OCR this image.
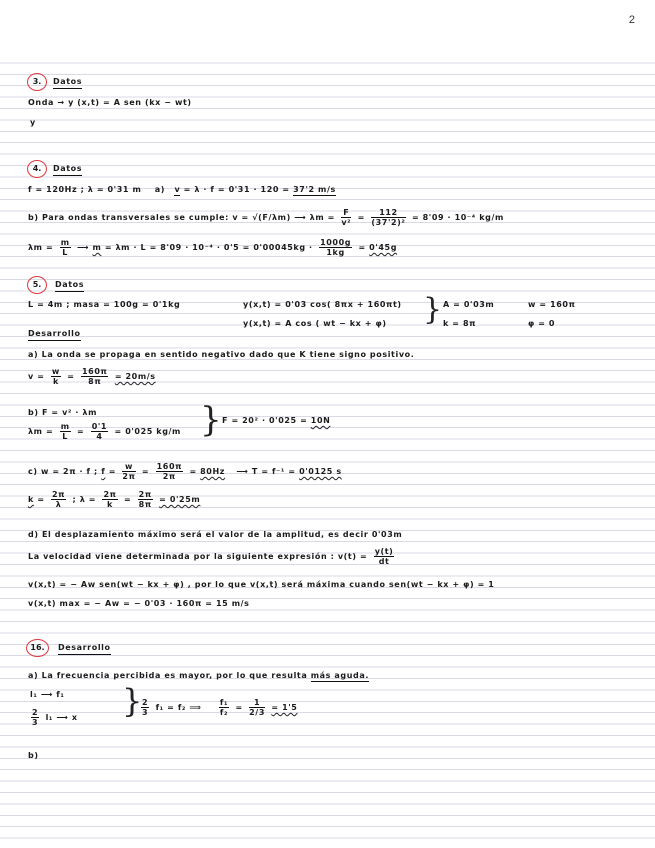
2
3.	Datos
Onda → y (x,t) = A sen (kx − wt)
y
4.	Datos
f = 120Hz ; λ = 0'31 m a) v = λ · f = 0'31 · 120 = 37'2 m/s
b) Para ondas transversales se cumple: v = √(F/λm) ⟶ $\lambda m = \frac{F}{\text{v²}} = \frac{112}{\text{(37'2)²}} = 8'09 \cdot 10^{-4}$ kg/m
$\lambda m = \frac{m}{L}$ ⟶ $m = \lambda m \cdot L = 8'09 \cdot 10^{-4} \cdot 0'5 = 0'00045kg \cdot \frac{1000g}{1kg} = 0'45g$
5.	Datos
L = 4m ; masa = 100g = 0'1kg	y(x,t) = 0'03 cos( 8πx + 160πt)
y(x,t) = A cos ( wt − kx + φ) } A = 0'03m	w = 160π
k = 8π	φ = 0
Desarrollo
a) La onda se propaga en sentido negativo dado que K tiene signo positivo.
$v = \frac{w}{k} = \frac{160\pi}{8\pi} = 20m/s$
b) F = v² · λm
$\lambda m = \frac{m}{L} = \frac{0'1}{4} = 0'025$ kg/m } F = 20² · 0'025 = 10N
c) w = 2π · f ; $f = \frac{w}{2\pi} = \frac{160\pi}{2\pi} = 80Hz$ ⟶ T = f⁻¹ = 0'0125 s
$k = \frac{2\pi}{\lambda}$ ; $\lambda = \frac{2\pi}{k} = \frac{2\pi}{8\pi} = 0'25m$
d) El desplazamiento máximo será el valor de la amplitud, es decir 0'03m
La velocidad viene determinada por la siguiente expresión : $v(t) = \frac{y(t)}{dt}$
v(x,t) = − Aw sen(wt − kx + φ) , por lo que v(x,t) será máxima cuando sen(wt − kx + φ) = 1
v(x,t) max = − Aw = − 0'03 · 160π = 15 m/s
16.	Desarrollo
a) La frecuencia percibida es mayor, por lo que resulta más aguda.
l₁ ⟶ f₁
$\frac{2}{3} l_1$ ⟶ x }
$\frac{2}{3} f_1 = f_2$ ⟹ $\frac{\text{f₁}}{\text{f₂}} = \frac{1}{2/3} = 1'5$
b)
